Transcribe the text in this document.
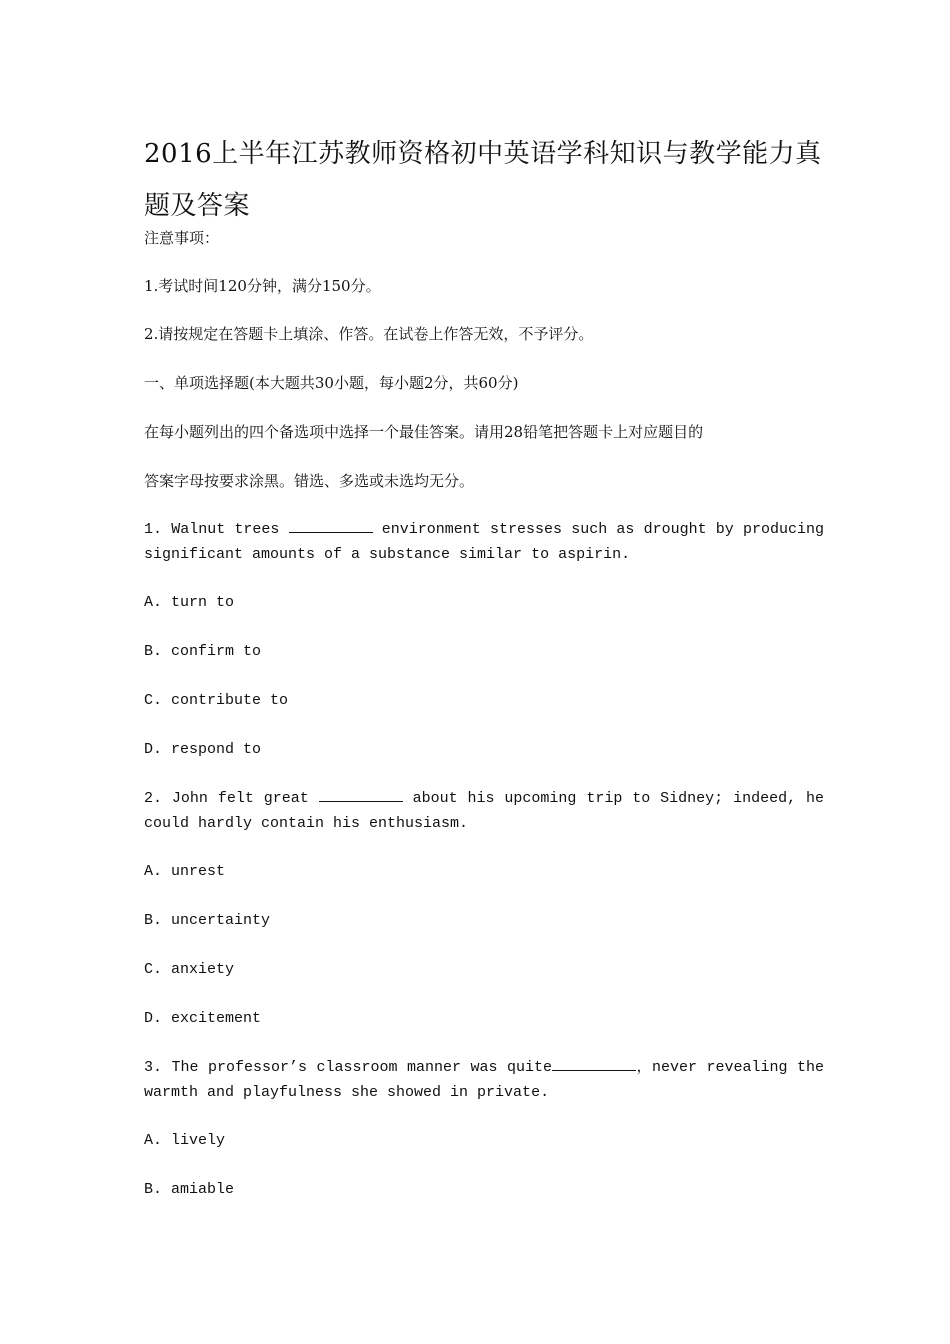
2016上半年江苏教师资格初中英语学科知识与教学能力真题及答案

注意事项：

1.考试时间120分钟，满分150分。

2.请按规定在答题卡上填涂、作答。在试卷上作答无效，不予评分。

一、单项选择题(本大题共30小题，每小题2分，共60分)

在每小题列出的四个备选项中选择一个最佳答案。请用28铅笔把答题卡上对应题目的

答案字母按要求涂黑。错选、多选或未选均无分。

1. Walnut trees	environment stresses such as drought by producing significant amounts of a substance similar to aspirin.

A. turn to

B. confirm to

C. contribute to

D. respond to

2. John felt great	about his upcoming trip to Sidney; indeed, he could hardly contain his enthusiasm.

A. unrest

B. uncertainty

C. anxiety

D. excitement

3. The professor’s classroom manner was quite	，never revealing the warmth and playfulness she showed in private.

A. lively

B. amiable
